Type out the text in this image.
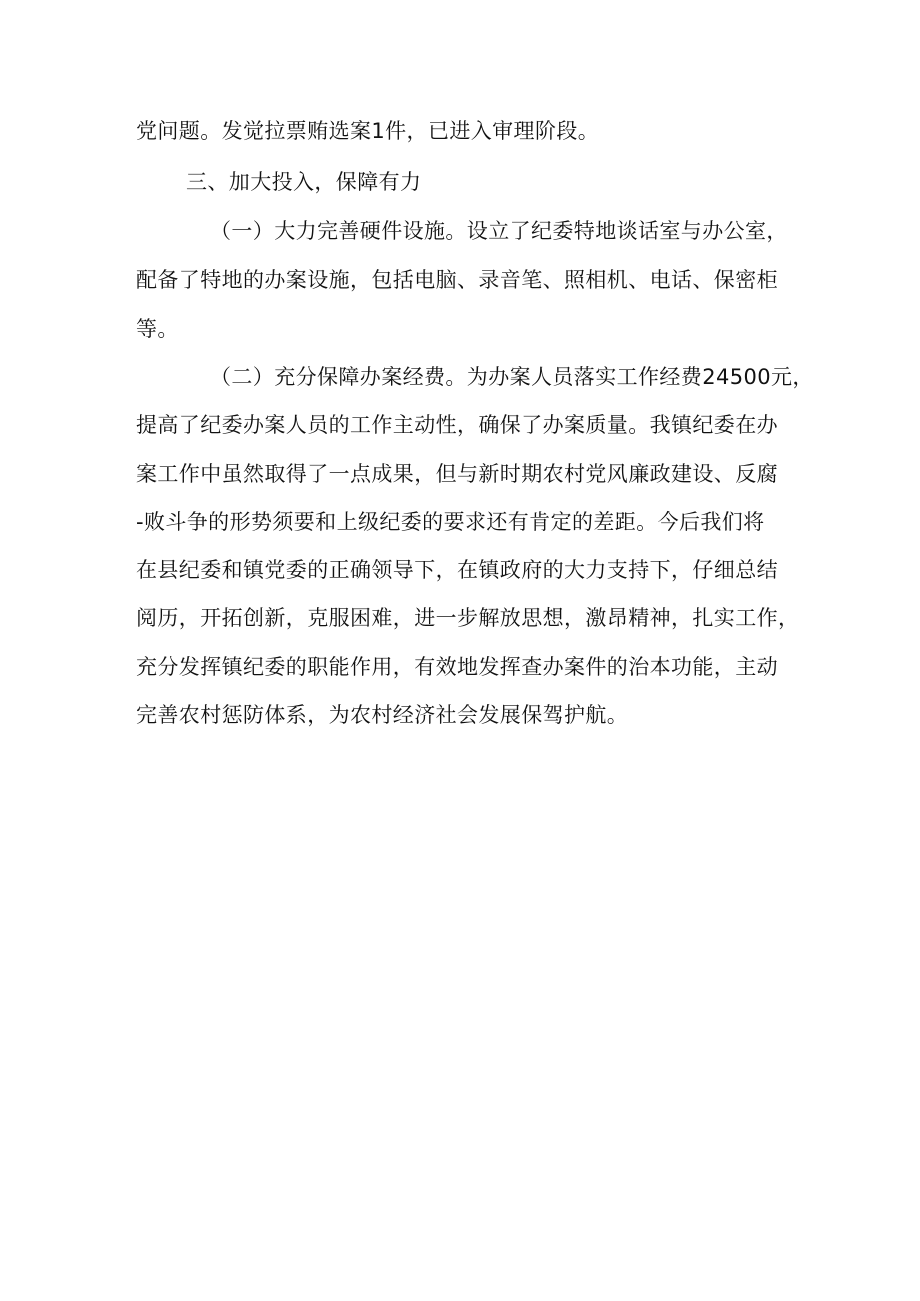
党问题。发觉拉票贿选案1件，已进入审理阶段。
三、加大投入，保障有力
（一）大力完善硬件设施。设立了纪委特地谈话室与办公室，
配备了特地的办案设施，包括电脑、录音笔、照相机、电话、保密柜
等。
（二）充分保障办案经费。为办案人员落实工作经费24500元，
提高了纪委办案人员的工作主动性，确保了办案质量。我镇纪委在办
案工作中虽然取得了一点成果，但与新时期农村党风廉政建设、反腐
-败斗争的形势须要和上级纪委的要求还有肯定的差距。今后我们将
在县纪委和镇党委的正确领导下，在镇政府的大力支持下，仔细总结
阅历，开拓创新，克服困难，进一步解放思想，激昂精神，扎实工作，
充分发挥镇纪委的职能作用，有效地发挥查办案件的治本功能，主动
完善农村惩防体系，为农村经济社会发展保驾护航。
